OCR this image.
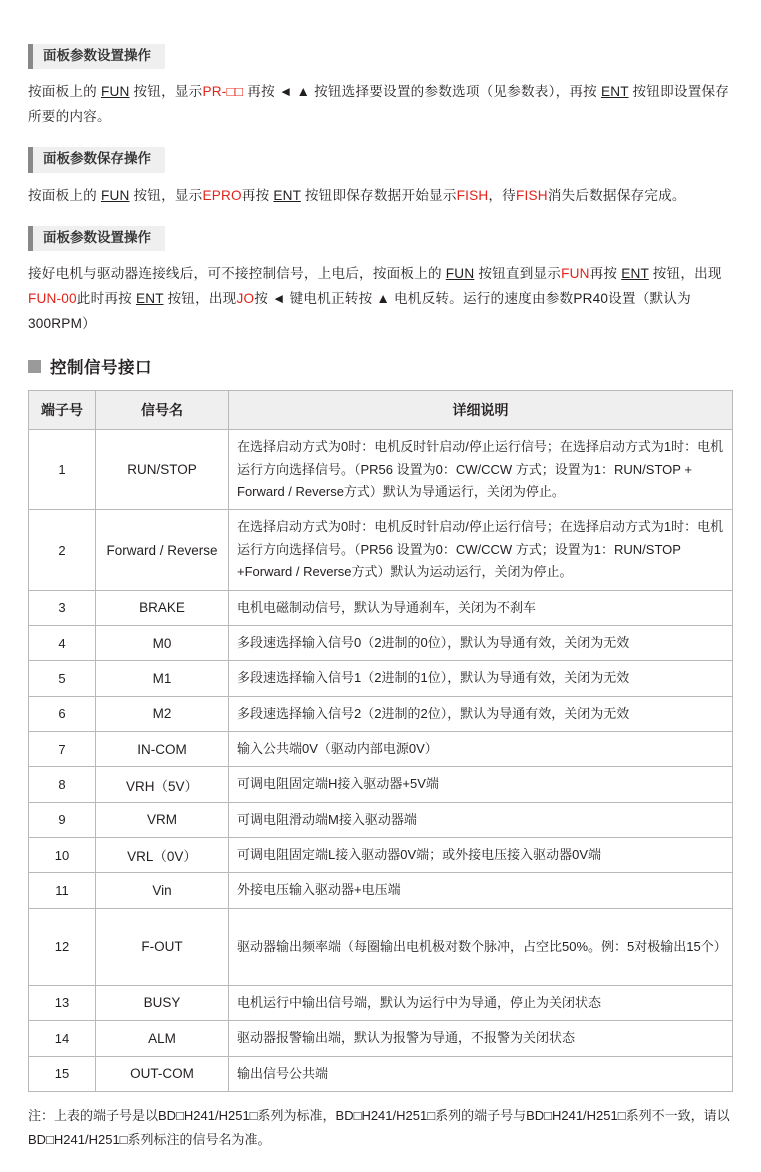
面板参数设置操作

按面板上的 FUN 按钮，显示PR-□□ 再按 ◄ ▲ 按钮选择要设置的参数选项（见参数表），再按 ENT 按钮即设置保存所要的内容。

面板参数保存操作

按面板上的 FUN 按钮，显示EPRO再按 ENT 按钮即保存数据开始显示FISH，待FISH消失后数据保存完成。

面板参数设置操作

接好电机与驱动器连接线后，可不接控制信号，上电后，按面板上的 FUN 按钮直到显示FUN再按 ENT 按钮，出现FUN-00此时再按 ENT 按钮，出现JO按 ◄ 键电机正转按 ▲ 电机反转。运行的速度由参数PR40设置（默认为300RPM）

控制信号接口
端子号	信号名	详细说明
1	RUN/STOP	在选择启动方式为0时：电机反时针启动/停止运行信号；在选择启动方式为1时：电机运行方向选择信号。（PR56 设置为0：CW/CCW 方式；设置为1：RUN/STOP + Forward / Reverse方式）默认为导通运行，关闭为停止。
2	Forward / Reverse	在选择启动方式为0时：电机反时针启动/停止运行信号；在选择启动方式为1时：电机运行方向选择信号。（PR56 设置为0：CW/CCW 方式；设置为1：RUN/STOP +Forward / Reverse方式）默认为运动运行，关闭为停止。
3	BRAKE	电机电磁制动信号，默认为导通刹车，关闭为不刹车
4	M0	多段速选择输入信号0（2进制的0位），默认为导通有效，关闭为无效
5	M1	多段速选择输入信号1（2进制的1位），默认为导通有效，关闭为无效
6	M2	多段速选择输入信号2（2进制的2位），默认为导通有效，关闭为无效
7	IN-COM	输入公共端0V（驱动内部电源0V）
8	VRH（5V）	可调电阻固定端H接入驱动器+5V端
9	VRM	可调电阻滑动端M接入驱动器端
10	VRL（0V）	可调电阻固定端L接入驱动器0V端；或外接电压接入驱动器0V端
11	Vin	外接电压输入驱动器+电压端
12	F-OUT	驱动器输出频率端（每圈输出电机极对数个脉冲，占空比50%。例：5对极输出15个）
13	BUSY	电机运行中输出信号端，默认为运行中为导通，停止为关闭状态
14	ALM	驱动器报警输出端，默认为报警为导通，不报警为关闭状态
15	OUT-COM	输出信号公共端

注：上表的端子号是以BD□H241/H251□系列为标准，BD□H241/H251□系列的端子号与BD□H241/H251□系列不一致，请以BD□H241/H251□系列标注的信号名为准。
